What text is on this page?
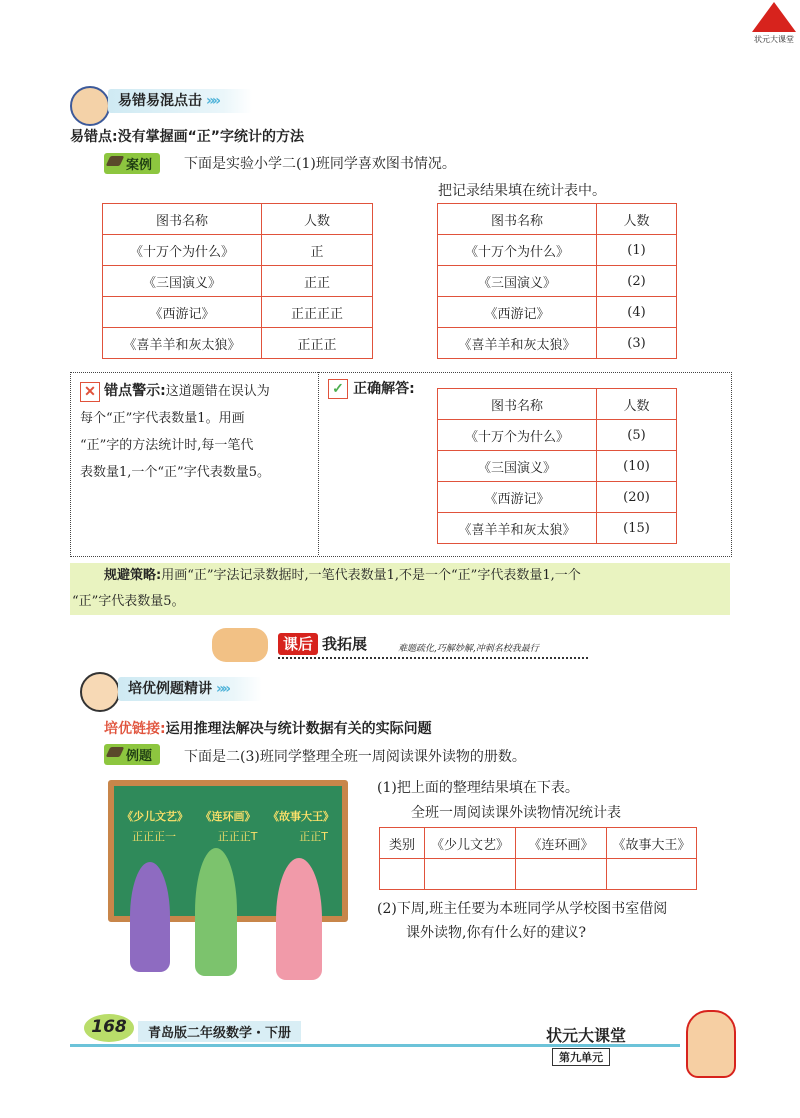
状元大课堂
易错易混点击 »»
易错点:没有掌握画“正”字统计的方法
案例	下面是实验小学二(1)班同学喜欢图书情况。
把记录结果填在统计表中。
图书名称	人数
《十万个为什么》	正
《三国演义》	正正
《西游记》	正正正正
《喜羊羊和灰太狼》	正正正
图书名称	人数
《十万个为什么》	(1)
《三国演义》	(2)
《西游记》	(4)
《喜羊羊和灰太狼》	(3)
✕ 错点警示:这道题错在误认为
每个“正”字代表数量1。用画
“正”字的方法统计时,每一笔代
表数量1,一个“正”字代表数量5。
✓ 正确解答:
图书名称	人数
《十万个为什么》	(5)
《三国演义》	(10)
《西游记》	(20)
《喜羊羊和灰太狼》	(15)
规避策略:用画“正”字法记录数据时,一笔代表数量1,不是一个“正”字代表数量1,一个
“正”字代表数量5。
课后 我拓展	难题疏化,巧解妙解,冲刺名校我最行
培优例题精讲 »»
培优链接:运用推理法解决与统计数据有关的实际问题
例题	下面是二(3)班同学整理全班一周阅读课外读物的册数。
《少儿文艺》 《连环画》 《故事大王》
正正正一	正正正T	正正T
(1)把上面的整理结果填在下表。
全班一周阅读课外读物情况统计表
类别	《少儿文艺》	《连环画》	《故事大王》

(2)下周,班主任要为本班同学从学校图书室借阅
课外读物,你有什么好的建议?
168	青岛版二年级数学・下册	状元大课堂
第九单元
